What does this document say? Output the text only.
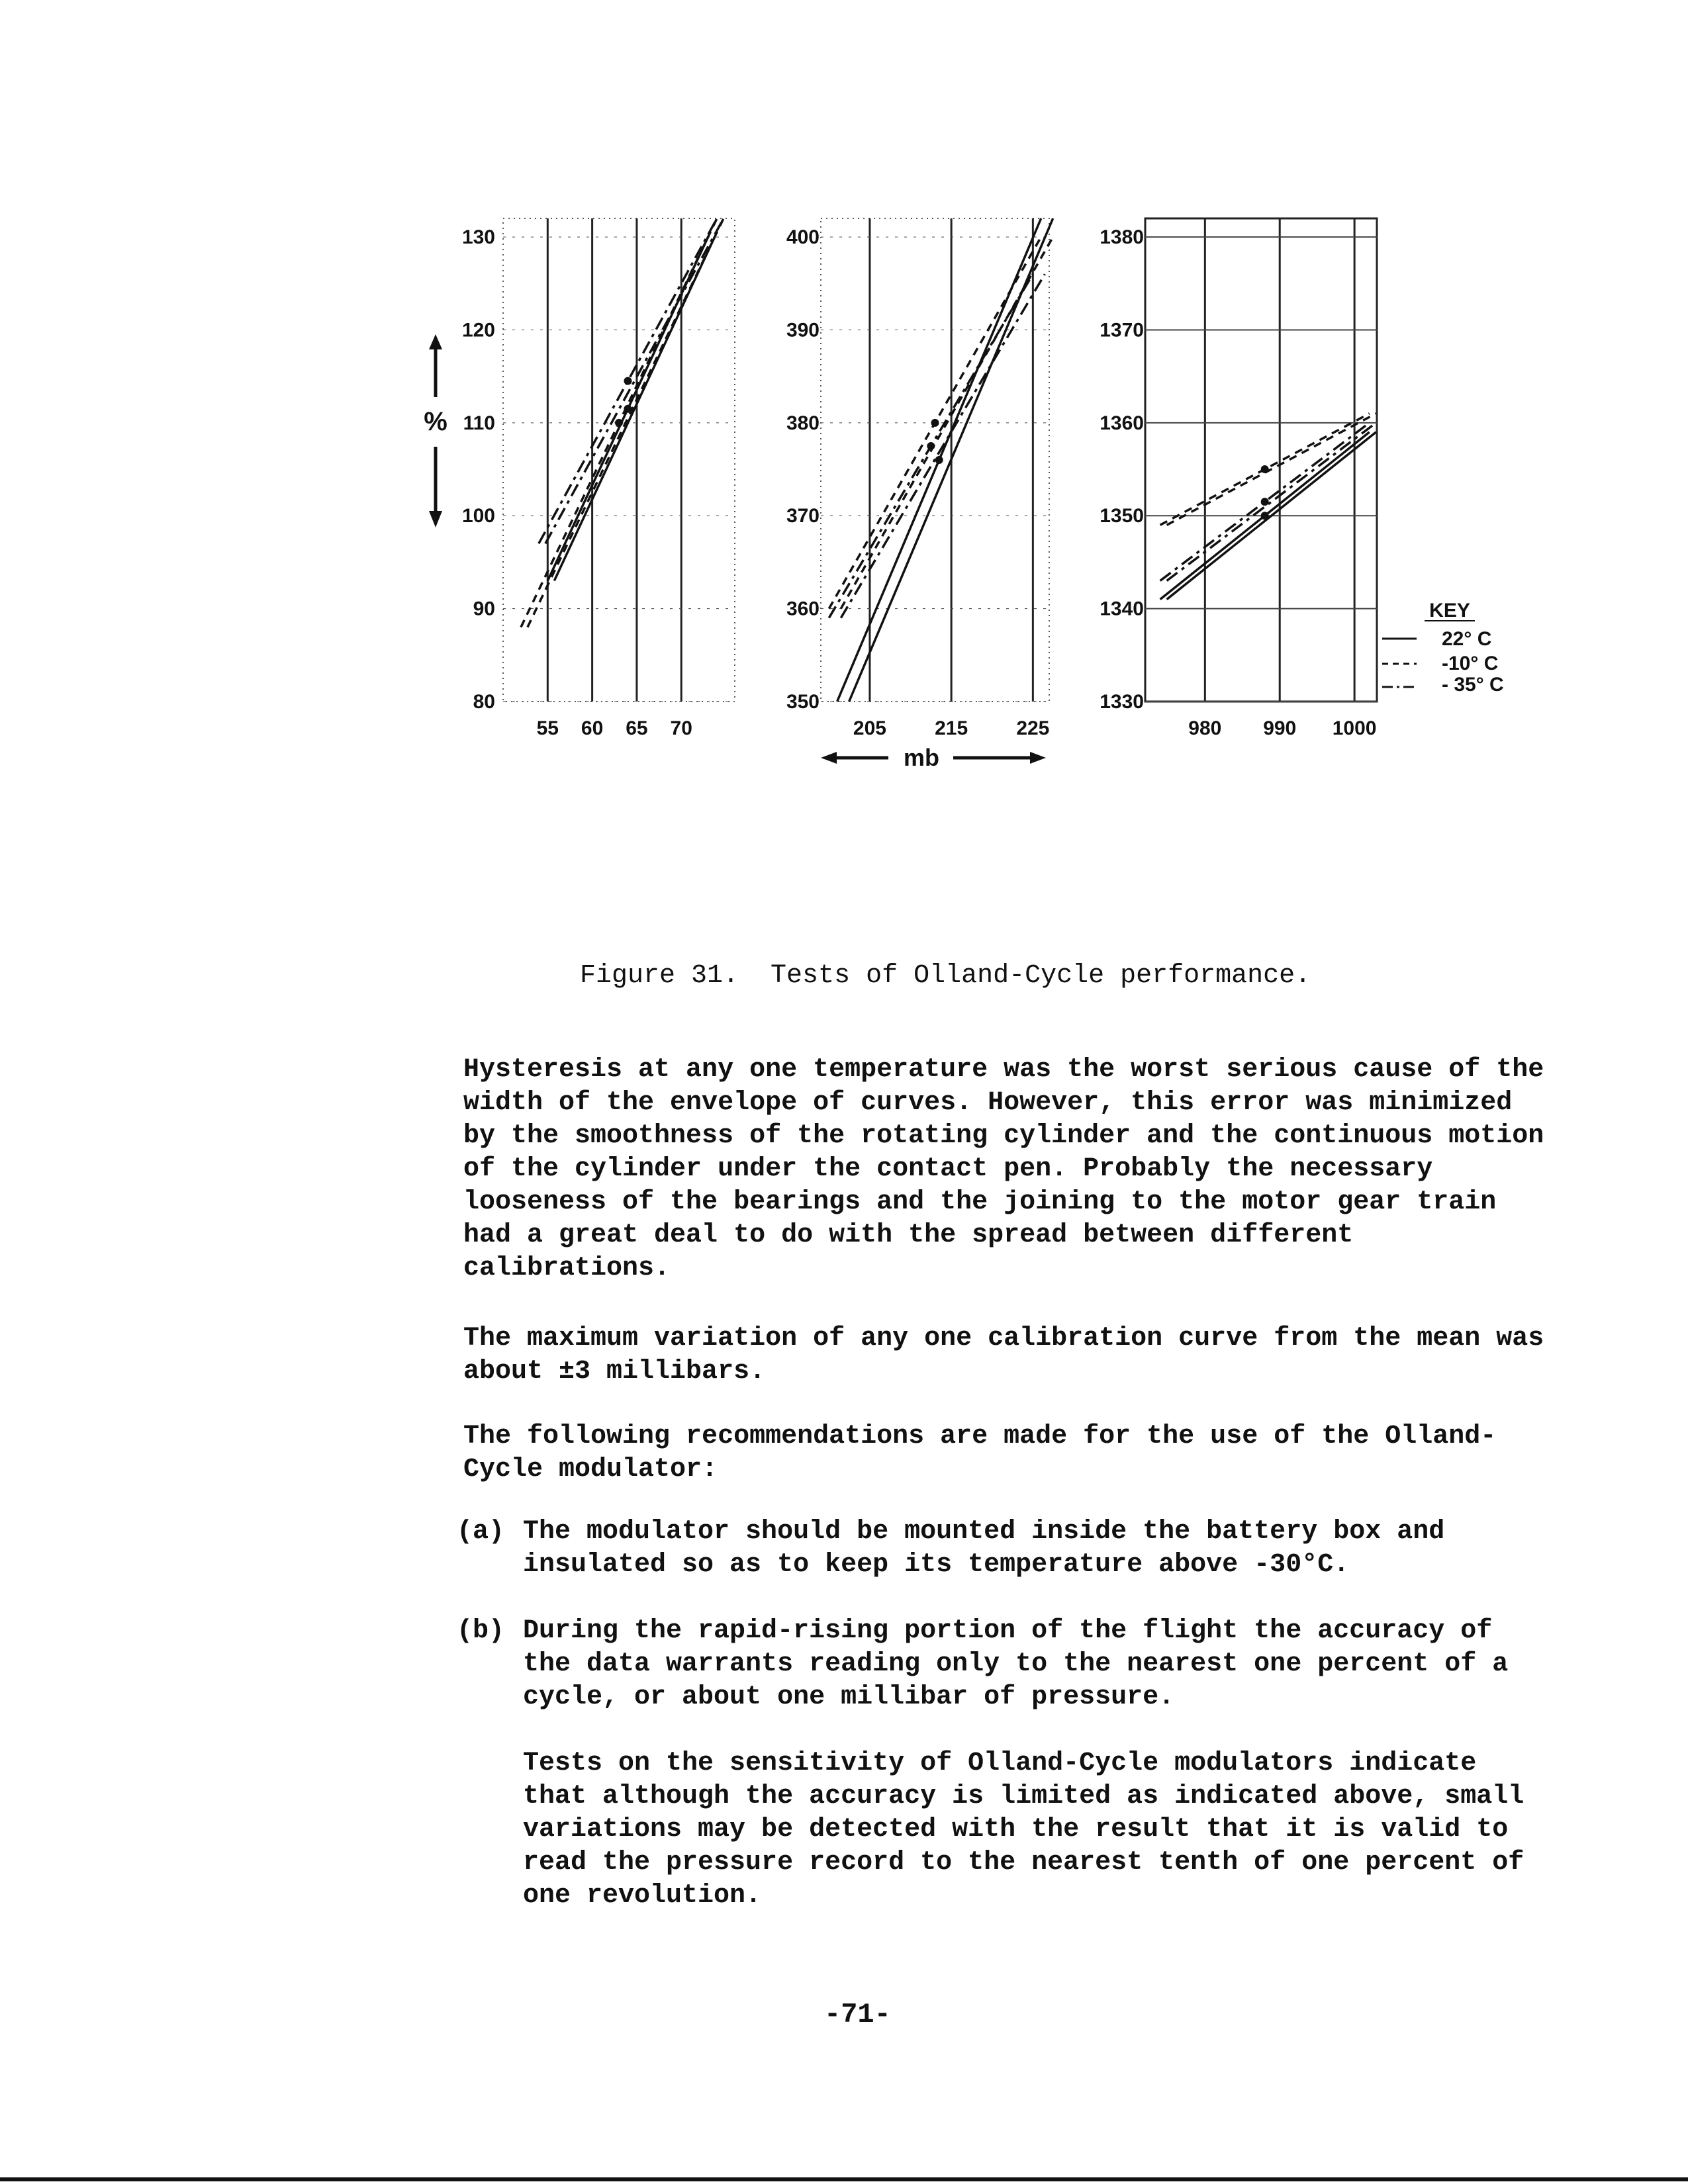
55 60 65 70
80
90
100
110
120
130
205 215 225
350
360
370
380
390
400
980 990 1000
1330
1340
1350
1360
1370
1380
%
mb
KEY
22° C
-10° C
- 35° C
Figure 31. Tests of Olland-Cycle performance.

Hysteresis at any one temperature was the worst serious cause of the width of the envelope of curves. However, this error was minimized by the smoothness of the rotating cylinder and the continuous motion of the cylinder under the contact pen. Probably the necessary looseness of the bearings and the joining to the motor gear train had a great deal to do with the spread between different calibrations.

The maximum variation of any one calibration curve from the mean was about ±3 millibars.

The following recommendations are made for the use of the Olland-Cycle modulator:

(a) The modulator should be mounted inside the battery box and insulated so as to keep its temperature above -30°C.
(b) During the rapid-rising portion of the flight the accuracy of the data warrants reading only to the nearest one percent of a cycle, or about one millibar of pressure.

Tests on the sensitivity of Olland-Cycle modulators indicate that although the accuracy is limited as indicated above, small variations may be detected with the result that it is valid to read the pressure record to the nearest tenth of one percent of one revolution.

-71-
